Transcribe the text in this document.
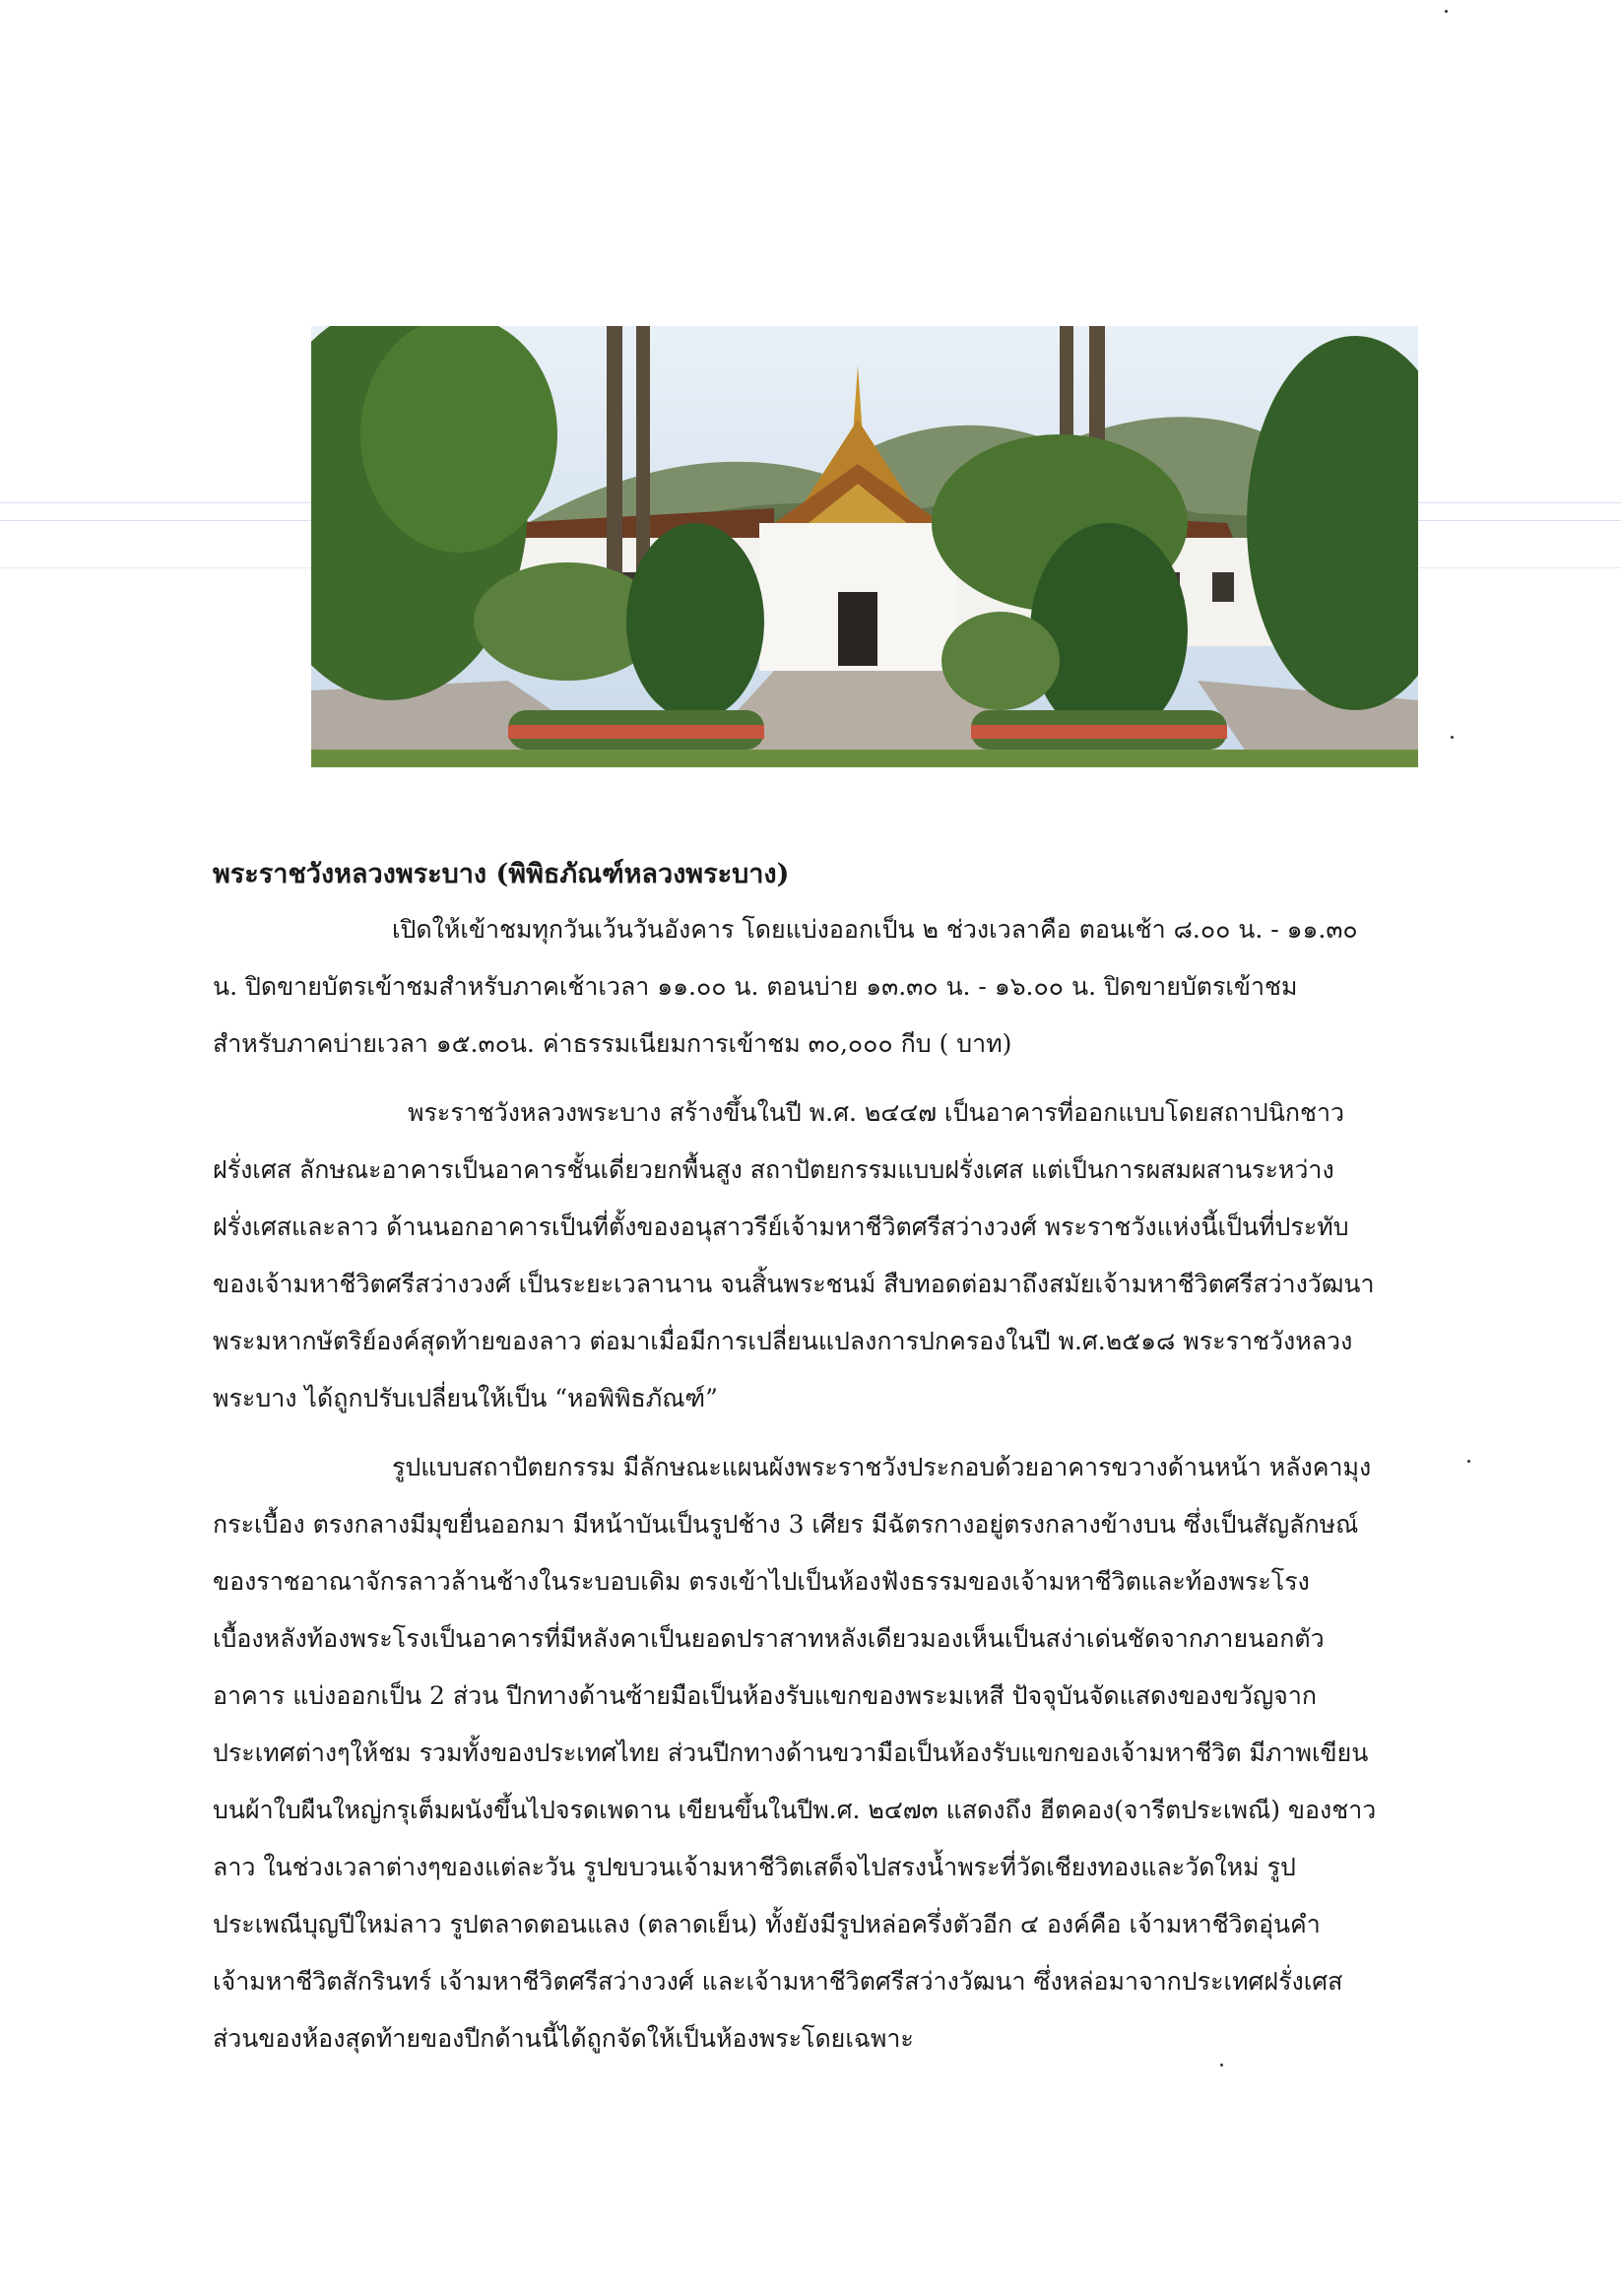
พระราชวังหลวงพระบาง (พิพิธภัณฑ์หลวงพระบาง)
เปิดให้เข้าชมทุกวันเว้นวันอังคาร โดยแบ่งออกเป็น ๒ ช่วงเวลาคือ ตอนเช้า ๘.๐๐ น. - ๑๑.๓๐
น. ปิดขายบัตรเข้าชมสำหรับภาคเช้าเวลา ๑๑.๐๐ น. ตอนบ่าย ๑๓.๓๐ น. - ๑๖.๐๐ น. ปิดขายบัตรเข้าชม
สำหรับภาคบ่ายเวลา ๑๕.๓๐น. ค่าธรรมเนียมการเข้าชม ๓๐,๐๐๐ กีบ ( บาท)
พระราชวังหลวงพระบาง สร้างขึ้นในปี พ.ศ. ๒๔๔๗ เป็นอาคารที่ออกแบบโดยสถาปนิกชาว
ฝรั่งเศส ลักษณะอาคารเป็นอาคารชั้นเดี่ยวยกพื้นสูง สถาปัตยกรรมแบบฝรั่งเศส แต่เป็นการผสมผสานระหว่าง
ฝรั่งเศสและลาว ด้านนอกอาคารเป็นที่ตั้งของอนุสาวรีย์เจ้ามหาชีวิตศรีสว่างวงศ์ พระราชวังแห่งนี้เป็นที่ประทับ
ของเจ้ามหาชีวิตศรีสว่างวงศ์ เป็นระยะเวลานาน จนสิ้นพระชนม์ สืบทอดต่อมาถึงสมัยเจ้ามหาชีวิตศรีสว่างวัฒนา
พระมหากษัตริย์องค์สุดท้ายของลาว ต่อมาเมื่อมีการเปลี่ยนแปลงการปกครองในปี พ.ศ.๒๕๑๘ พระราชวังหลวง
พระบาง ได้ถูกปรับเปลี่ยนให้เป็น “หอพิพิธภัณฑ์”
รูปแบบสถาปัตยกรรม มีลักษณะแผนผังพระราชวังประกอบด้วยอาคารขวางด้านหน้า หลังคามุง
กระเบื้อง ตรงกลางมีมุขยื่นออกมา มีหน้าบันเป็นรูปช้าง 3 เศียร มีฉัตรกางอยู่ตรงกลางข้างบน ซึ่งเป็นสัญลักษณ์
ของราชอาณาจักรลาวล้านช้างในระบอบเดิม ตรงเข้าไปเป็นห้องฟังธรรมของเจ้ามหาชีวิตและท้องพระโรง
เบื้องหลังท้องพระโรงเป็นอาคารที่มีหลังคาเป็นยอดปราสาทหลังเดียวมองเห็นเป็นสง่าเด่นชัดจากภายนอกตัว
อาคาร แบ่งออกเป็น 2 ส่วน ปีกทางด้านซ้ายมือเป็นห้องรับแขกของพระมเหสี ปัจจุบันจัดแสดงของขวัญจาก
ประเทศต่างๆให้ชม รวมทั้งของประเทศไทย ส่วนปีกทางด้านขวามือเป็นห้องรับแขกของเจ้ามหาชีวิต มีภาพเขียน
บนผ้าใบผืนใหญ่กรุเต็มผนังขึ้นไปจรดเพดาน เขียนขึ้นในปีพ.ศ. ๒๔๗๓ แสดงถึง ฮีตคอง(จารีตประเพณี) ของชาว
ลาว ในช่วงเวลาต่างๆของแต่ละวัน รูปขบวนเจ้ามหาชีวิตเสด็จไปสรงน้ำพระที่วัดเชียงทองและวัดใหม่ รูป
ประเพณีบุญปีใหม่ลาว รูปตลาดตอนแลง (ตลาดเย็น) ทั้งยังมีรูปหล่อครึ่งตัวอีก ๔ องค์คือ เจ้ามหาชีวิตอุ่นคำ
เจ้ามหาชีวิตสักรินทร์ เจ้ามหาชีวิตศรีสว่างวงศ์ และเจ้ามหาชีวิตศรีสว่างวัฒนา ซึ่งหล่อมาจากประเทศฝรั่งเศส
ส่วนของห้องสุดท้ายของปีกด้านนี้ได้ถูกจัดให้เป็นห้องพระโดยเฉพาะ
